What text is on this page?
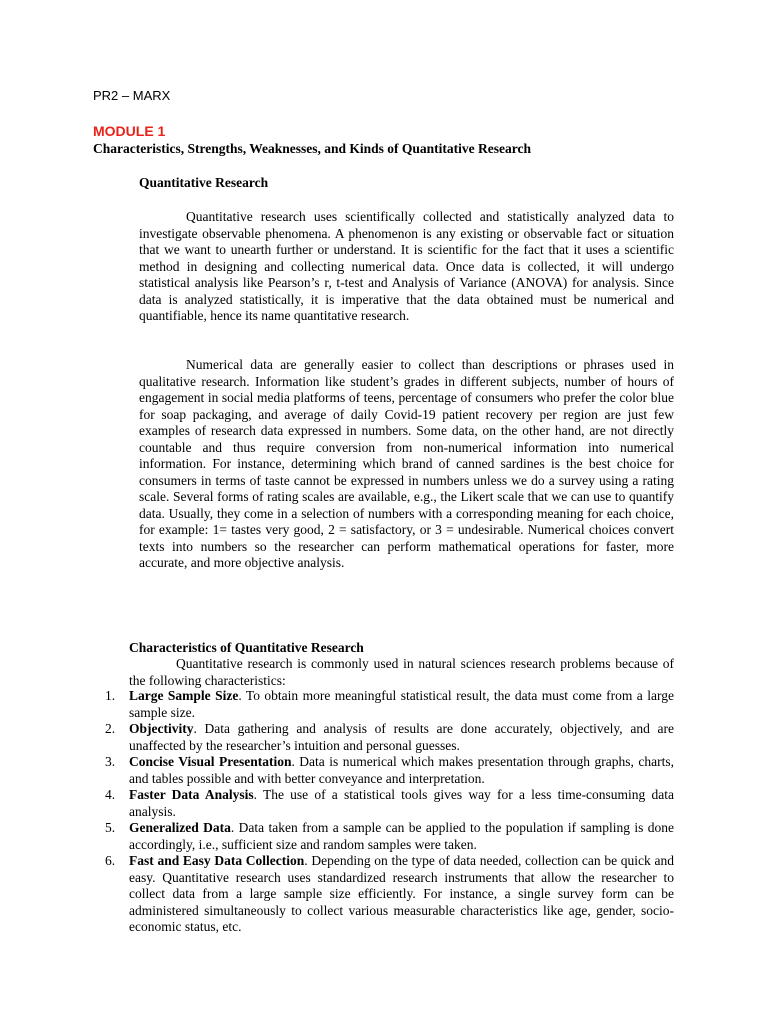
PR2 – MARX
MODULE 1
Characteristics, Strengths, Weaknesses, and Kinds of Quantitative Research
Quantitative Research

Quantitative research uses scientifically collected and statistically analyzed data to investigate observable phenomena. A phenomenon is any existing or observable fact or situation that we want to unearth further or understand. It is scientific for the fact that it uses a scientific method in designing and collecting numerical data. Once data is collected, it will undergo statistical analysis like Pearson’s r, t-test and Analysis of Variance (ANOVA) for analysis. Since data is analyzed statistically, it is imperative that the data obtained must be numerical and quantifiable, hence its name quantitative research.

Numerical data are generally easier to collect than descriptions or phrases used in qualitative research. Information like student’s grades in different subjects, number of hours of engagement in social media platforms of teens, percentage of consumers who prefer the color blue for soap packaging, and average of daily Covid-19 patient recovery per region are just few examples of research data expressed in numbers. Some data, on the other hand, are not directly countable and thus require conversion from non-numerical information into numerical information. For instance, determining which brand of canned sardines is the best choice for consumers in terms of taste cannot be expressed in numbers unless we do a survey using a rating scale. Several forms of rating scales are available, e.g., the Likert scale that we can use to quantify data. Usually, they come in a selection of numbers with a corresponding meaning for each choice, for example: 1= tastes very good, 2 = satisfactory, or 3 = undesirable. Numerical choices convert texts into numbers so the researcher can perform mathematical operations for faster, more accurate, and more objective analysis.

Characteristics of Quantitative Research

Quantitative research is commonly used in natural sciences research problems because of the following characteristics:

1. Large Sample Size. To obtain more meaningful statistical result, the data must come from a large sample size.
2. Objectivity. Data gathering and analysis of results are done accurately, objectively, and are unaffected by the researcher’s intuition and personal guesses.
3. Concise Visual Presentation. Data is numerical which makes presentation through graphs, charts, and tables possible and with better conveyance and interpretation.
4. Faster Data Analysis. The use of a statistical tools gives way for a less time-consuming data analysis.
5. Generalized Data. Data taken from a sample can be applied to the population if sampling is done accordingly, i.e., sufficient size and random samples were taken.
6. Fast and Easy Data Collection. Depending on the type of data needed, collection can be quick and easy. Quantitative research uses standardized research instruments that allow the researcher to collect data from a large sample size efficiently. For instance, a single survey form can be administered simultaneously to collect various measurable characteristics like age, gender, socio-economic status, etc.
